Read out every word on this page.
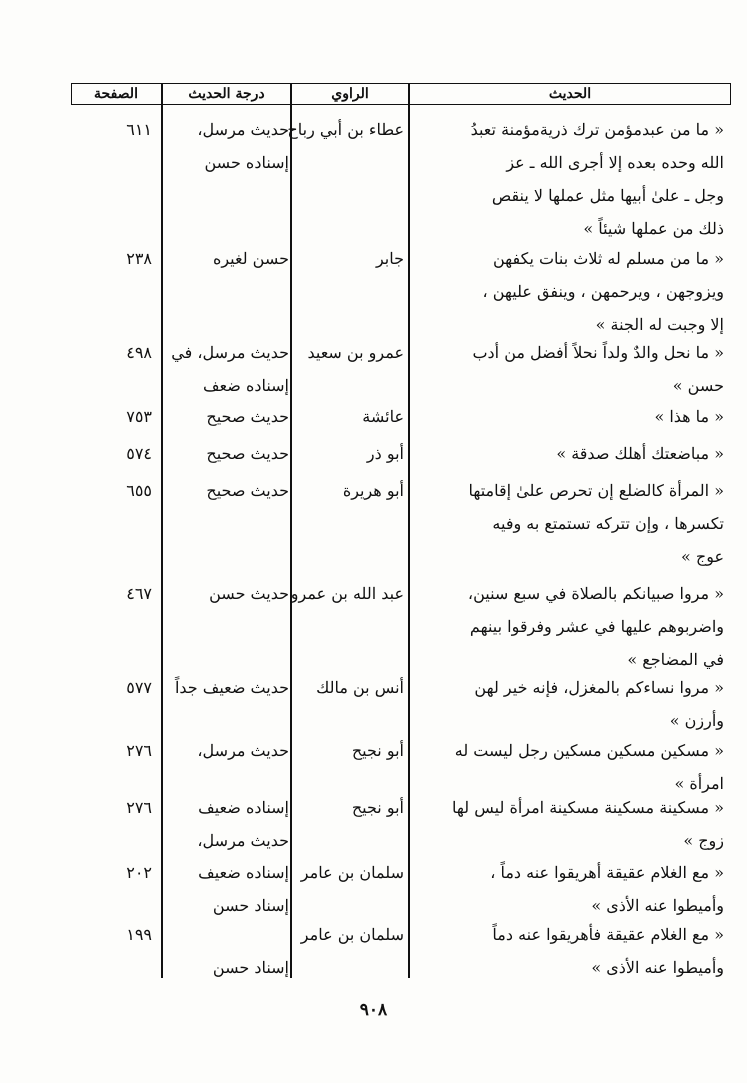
الحديث
الراوي
درجة الحديث
الصفحة
« ما من عبدمؤمن ترك ذريةمؤمنة تعبدُ
الله وحده بعده إلا أجرى الله ـ عز
وجل ـ علىٰ أبيها مثل عملها لا ينقص
ذلك من عملها شيئاً »
عطاء بن أبي رباح
حديث مرسل،
إسناده حسن
٦١١
« ما من مسلم له ثلاث بنات يكفهن
ويزوجهن ، ويرحمهن ، وينفق عليهن ،
إلا وجبت له الجنة »
جابر
حسن لغيره
٢٣٨
« ما نحل والدٌ ولداً نحلاً أفضل من أدب
حسن »
عمرو بن سعيد
حديث مرسل، في
إسناده ضعف
٤٩٨
« ما هذا »
عائشة
حديث صحيح
٧٥٣
« مباضعتك أهلك صدقة »
أبو ذر
حديث صحيح
٥٧٤
« المرأة كالضلع إن تحرص علىٰ إقامتها
تكسرها ، وإن تتركه تستمتع به وفيه
عوج »
أبو هريرة
حديث صحيح
٦٥٥
« مروا صبيانكم بالصلاة في سبع سنين،
واضربوهم عليها في عشر وفرقوا بينهم
في المضاجع »
عبد الله بن عمرو
حديث حسن
٤٦٧
« مروا نساءكم بالمغزل، فإنه خير لهن
وأرزن »
أنس بن مالك
حديث ضعيف جداً
٥٧٧
« مسكين مسكين مسكين رجل ليست له
امرأة »
أبو نجيح
حديث مرسل،
٢٧٦
« مسكينة مسكينة مسكينة امرأة ليس لها
زوج »
أبو نجيح
إسناده ضعيف
حديث مرسل،
٢٧٦
« مع الغلام عقيقة أهريقوا عنه دماً ،
وأميطوا عنه الأذى »
سلمان بن عامر
إسناده ضعيف
إسناد حسن
٢٠٢
« مع الغلام عقيقة فأهريقوا عنه دماً
وأميطوا عنه الأذى »
سلمان بن عامر
إسناد حسن
١٩٩
٩٠٨
